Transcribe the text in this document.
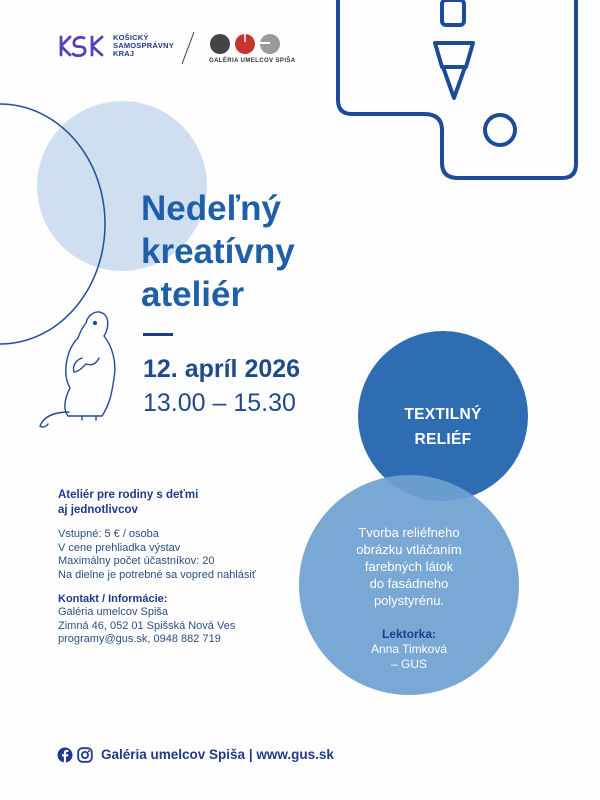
KOŠICKÝ
SAMOSPRÁVNY
KRAJ
GALÉRIA UMELCOV SPIŠA
Nedeľný
kreatívny
ateliér
12. apríl 2026
13.00 – 15.30
Ateliér pre rodiny s deťmi
aj jednotlivcov
Vstupné: 5 € / osoba
V cene prehliadka výstav
Maximálny počet účastníkov: 20
Na dielne je potrebné sa vopred nahlásiť
Kontakt / Informácie:
Galéria umelcov Spiša
Zimná 46, 052 01 Spišská Nová Ves
programy@gus.sk, 0948 882 719
TEXTILNÝ
RELIÉF
Tvorba reliéfneho
obrázku vtláčaním
farebných látok
do fasádneho
polystyrénu.
Lektorka:
Anna Timková
– GUS
Galéria umelcov Spiša | www.gus.sk
